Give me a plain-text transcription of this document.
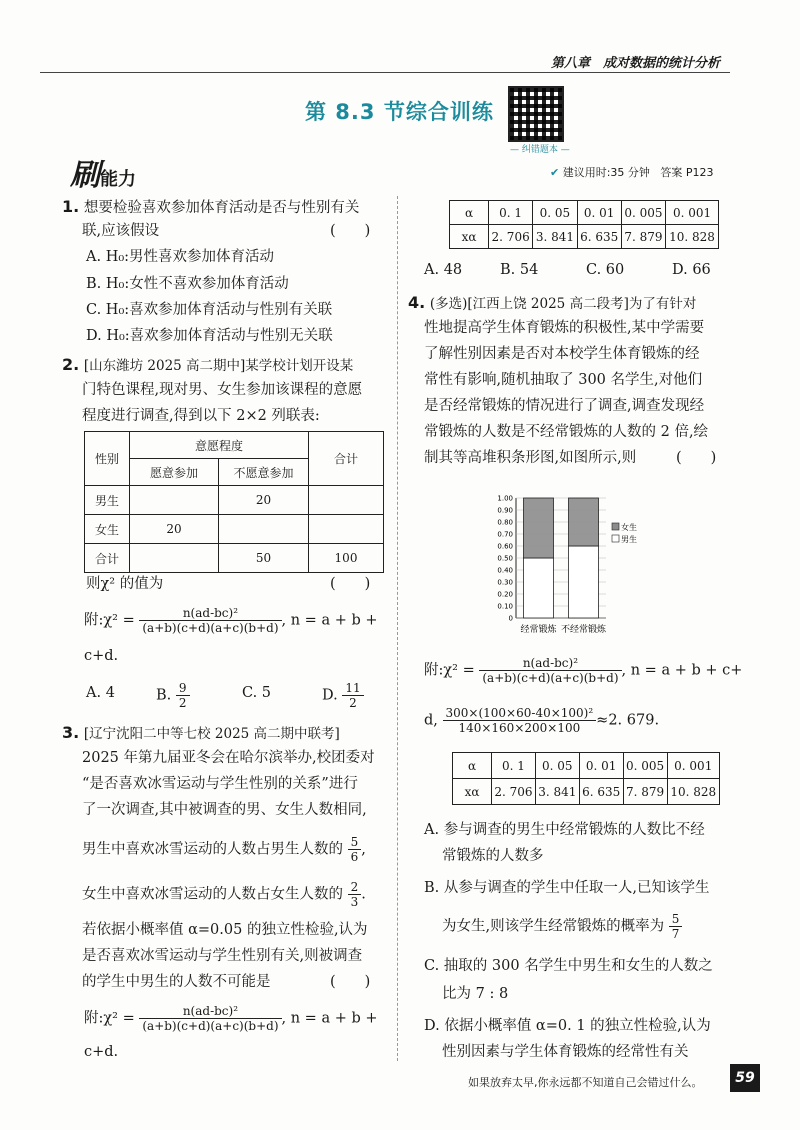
第八章　成对数据的统计分析
第 8.3 节综合训练
— 纠错题本 —
刷能力	✔ 建议用时:35 分钟 答案 P123
1. 想要检验喜欢参加体育活动是否与性别有关
联,应该假设	(　　)
A. H₀:男性喜欢参加体育活动
B. H₀:女性不喜欢参加体育活动
C. H₀:喜欢参加体育活动与性别有关联
D. H₀:喜欢参加体育活动与性别无关联
2. [山东潍坊 2025 高二期中]某学校计划开设某
门特色课程,现对男、女生参加该课程的意愿
程度进行调查,得到以下 2×2 列联表:
性别	意愿程度		合计
	愿意参加	不愿意参加	
男生		20	
女生	20		
合计		50	100
则χ² 的值为	(　　)
附:χ² = $\frac{\text{n(ad-bc)²}}{(a+b)(c+d)(a+c)(b+d)}$ , n = a + b +
c+d.
A. 4	B. $\frac{9}{2}$	C. 5	D. $\frac{11}{2}$
3. [辽宁沈阳二中等七校 2025 高二期中联考]
2025 年第九届亚冬会在哈尔滨举办,校团委对
“是否喜欢冰雪运动与学生性别的关系”进行
了一次调查,其中被调查的男、女生人数相同,
男生中喜欢冰雪运动的人数占男生人数的 $\frac{5}{6}$ ,
女生中喜欢冰雪运动的人数占女生人数的 $\frac{2}{3}$ .
若依据小概率值 α=0.05 的独立性检验,认为
是否喜欢冰雪运动与学生性别有关,则被调查
的学生中男生的人数不可能是	(　　)
附:χ² = $\frac{\text{n(ad-bc)²}}{(a+b)(c+d)(a+c)(b+d)}$ , n = a + b +
c+d.
α	0. 1	0. 05	0. 01	0. 005	0. 001
xα	2. 706	3. 841	6. 635	7. 879	10. 828
A. 48	B. 54	C. 60	D. 66
4. (多选)[江西上饶 2025 高二段考]为了有针对
性地提高学生体育锻炼的积极性,某中学需要
了解性别因素是否对本校学生体育锻炼的经
常性有影响,随机抽取了 300 名学生,对他们
是否经常锻炼的情况进行了调查,调查发现经
常锻炼的人数是不经常锻炼的人数的 2 倍,绘
制其等高堆积条形图,如图所示,则	(　　)
0
0.10
0.20
0.30
0.40
0.50
0.60
0.70
0.80
0.90
1.00
经常锻炼 不经常锻炼
女生
男生
附:χ² = $\frac{\text{n(ad-bc)²}}{(a+b)(c+d)(a+c)(b+d)}$ , n = a + b + c+
d, $\frac{\text{300×(100×60-40×100)²}}{140\times 160\times 200\times 100} \approx 2$. 679.
α	0. 1	0. 05	0. 01	0. 005	0. 001
xα	2. 706	3. 841	6. 635	7. 879	10. 828
A. 参与调查的男生中经常锻炼的人数比不经
常锻炼的人数多
B. 从参与调查的学生中任取一人,已知该学生
为女生,则该学生经常锻炼的概率为 $\frac{5}{7}$
C. 抽取的 300 名学生中男生和女生的人数之
比为 7 : 8
D. 依据小概率值 α=0. 1 的独立性检验,认为
性别因素与学生体育锻炼的经常性有关
如果放弃太早,你永远都不知道自己会错过什么。	59
